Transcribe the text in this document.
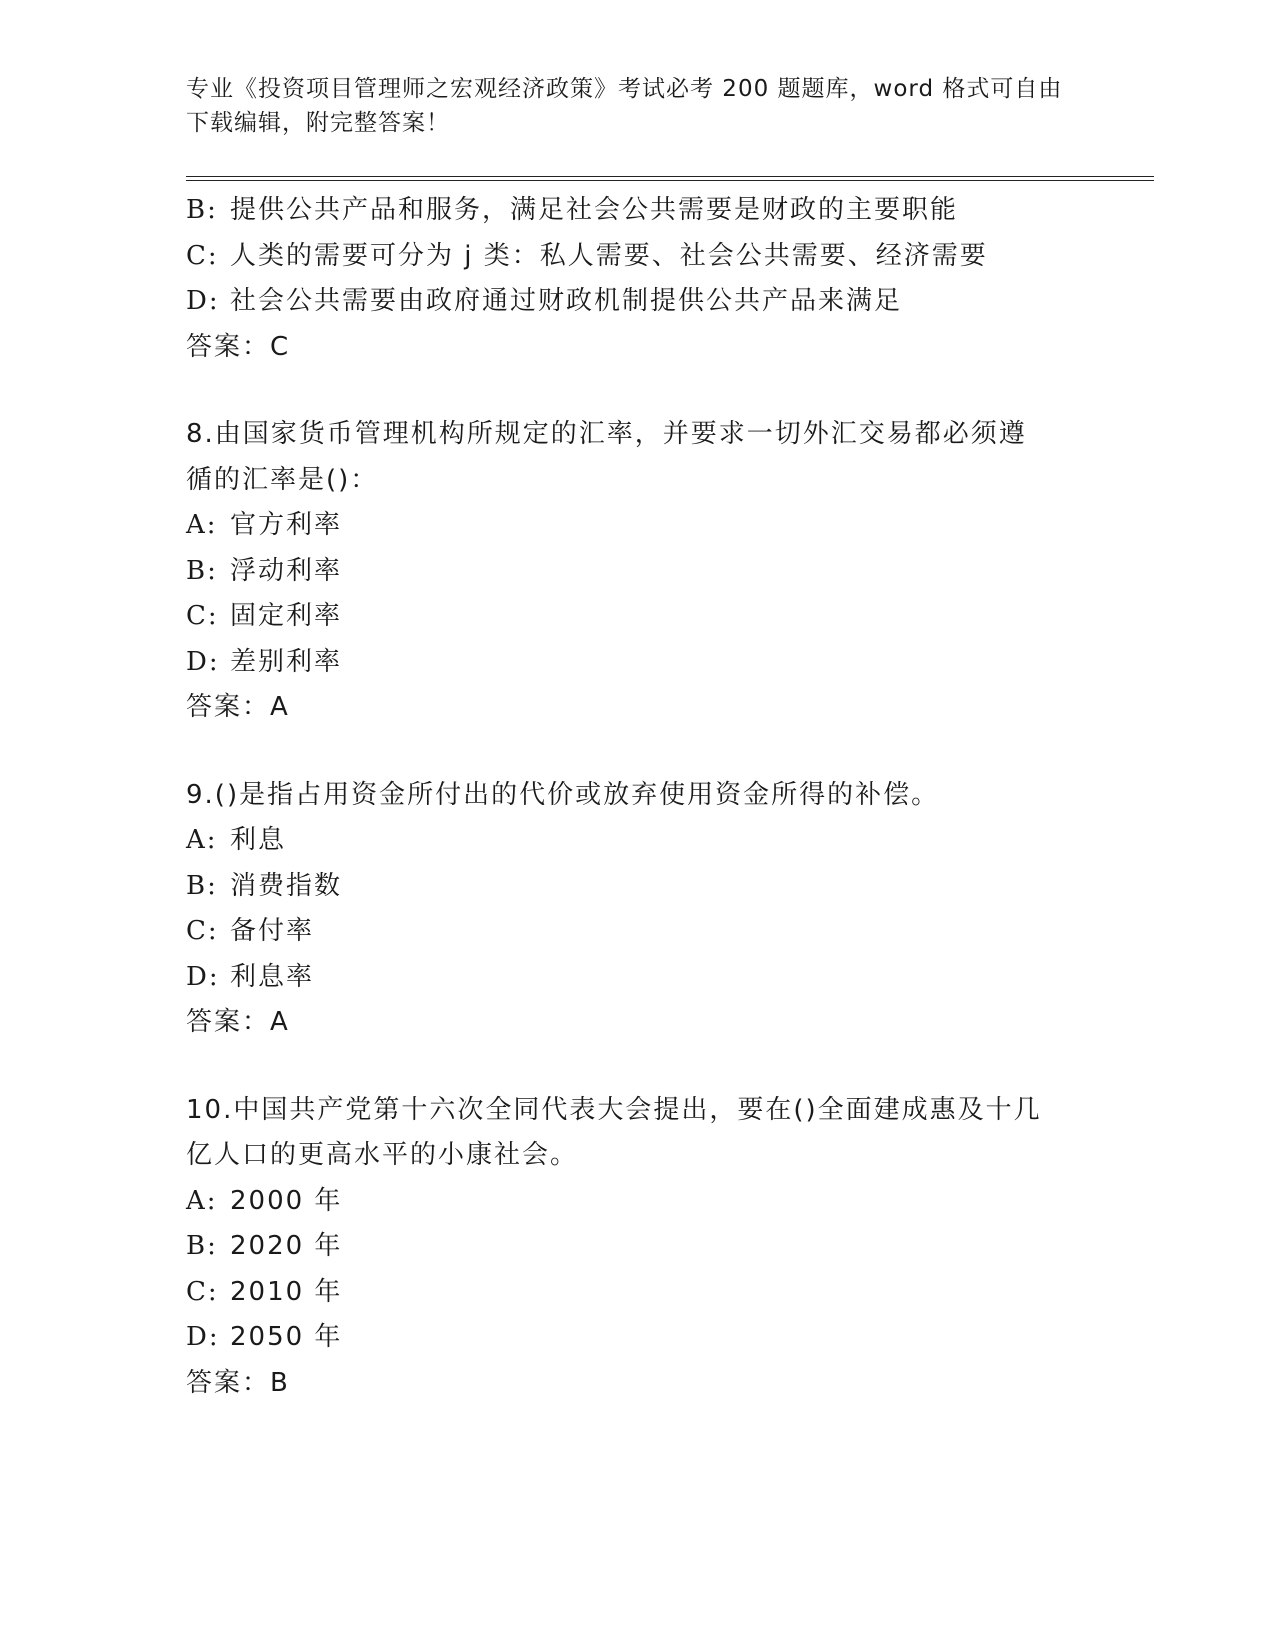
专业《投资项目管理师之宏观经济政策》考试必考 200 题题库，word 格式可自由
下载编辑，附完整答案！
B: 提供公共产品和服务，满足社会公共需要是财政的主要职能
C: 人类的需要可分为 j 类：私人需要、社会公共需要、经济需要
D: 社会公共需要由政府通过财政机制提供公共产品来满足
答案：C
8.由国家货币管理机构所规定的汇率，并要求一切外汇交易都必须遵
循的汇率是()：
A: 官方利率
B: 浮动利率
C: 固定利率
D: 差别利率
答案：A
9.()是指占用资金所付出的代价或放弃使用资金所得的补偿。
A: 利息
B: 消费指数
C: 备付率
D: 利息率
答案：A
10.中国共产党第十六次全同代表大会提出，要在()全面建成惠及十几
亿人口的更高水平的小康社会。
A: 2000 年
B: 2020 年
C: 2010 年
D: 2050 年
答案：B
